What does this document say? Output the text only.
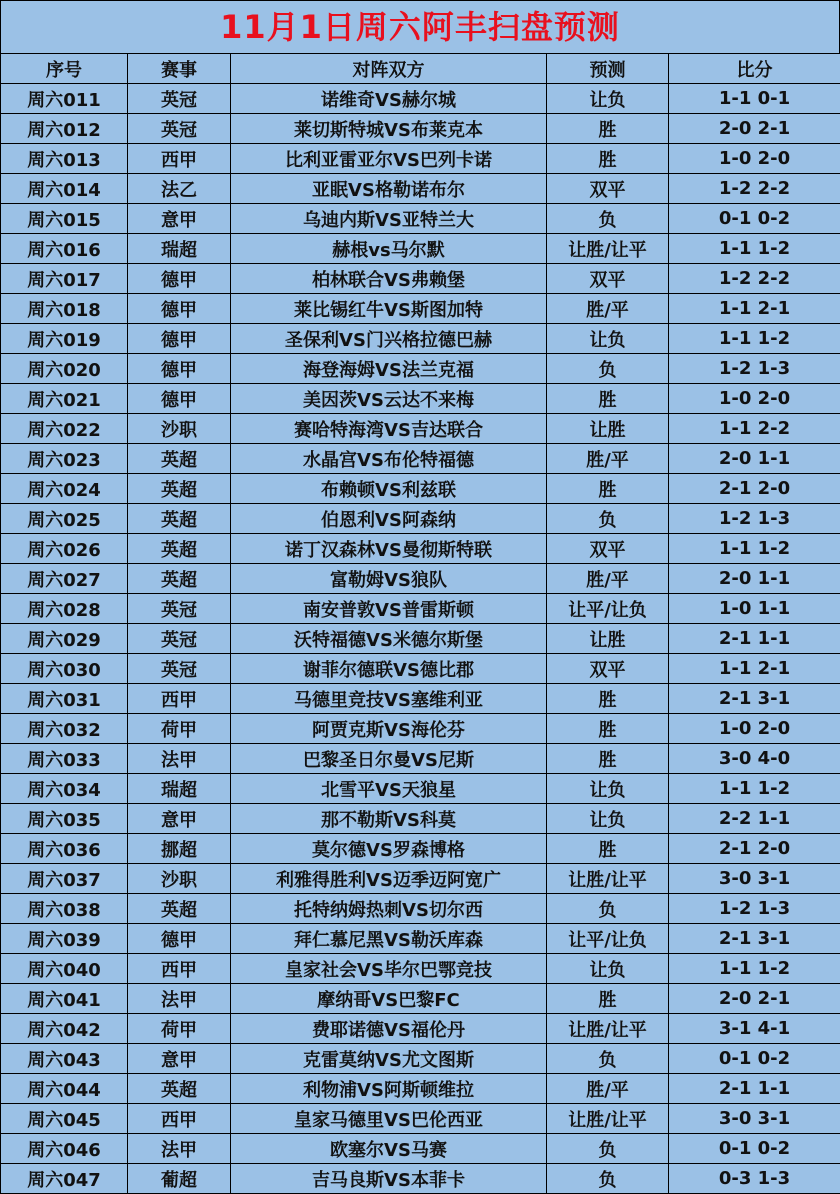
11月1日周六阿丰扫盘预测
序号	赛事	对阵双方	预测	比分
周六011	英冠	诺维奇VS赫尔城	让负	1-1 0-1
周六012	英冠	莱切斯特城VS布莱克本	胜	2-0 2-1
周六013	西甲	比利亚雷亚尔VS巴列卡诺	胜	1-0 2-0
周六014	法乙	亚眠VS格勒诺布尔	双平	1-2 2-2
周六015	意甲	乌迪内斯VS亚特兰大	负	0-1 0-2
周六016	瑞超	赫根vs马尔默	让胜/让平	1-1 1-2
周六017	德甲	柏林联合VS弗赖堡	双平	1-2 2-2
周六018	德甲	莱比锡红牛VS斯图加特	胜/平	1-1 2-1
周六019	德甲	圣保利VS门兴格拉德巴赫	让负	1-1 1-2
周六020	德甲	海登海姆VS法兰克福	负	1-2 1-3
周六021	德甲	美因茨VS云达不来梅	胜	1-0 2-0
周六022	沙职	赛哈特海湾VS吉达联合	让胜	1-1 2-2
周六023	英超	水晶宫VS布伦特福德	胜/平	2-0 1-1
周六024	英超	布赖顿VS利兹联	胜	2-1 2-0
周六025	英超	伯恩利VS阿森纳	负	1-2 1-3
周六026	英超	诺丁汉森林VS曼彻斯特联	双平	1-1 1-2
周六027	英超	富勒姆VS狼队	胜/平	2-0 1-1
周六028	英冠	南安普敦VS普雷斯顿	让平/让负	1-0 1-1
周六029	英冠	沃特福德VS米德尔斯堡	让胜	2-1 1-1
周六030	英冠	谢菲尔德联VS德比郡	双平	1-1 2-1
周六031	西甲	马德里竞技VS塞维利亚	胜	2-1 3-1
周六032	荷甲	阿贾克斯VS海伦芬	胜	1-0 2-0
周六033	法甲	巴黎圣日尔曼VS尼斯	胜	3-0 4-0
周六034	瑞超	北雪平VS天狼星	让负	1-1 1-2
周六035	意甲	那不勒斯VS科莫	让负	2-2 1-1
周六036	挪超	莫尔德VS罗森博格	胜	2-1 2-0
周六037	沙职	利雅得胜利VS迈季迈阿宽广	让胜/让平	3-0 3-1
周六038	英超	托特纳姆热刺VS切尔西	负	1-2 1-3
周六039	德甲	拜仁慕尼黑VS勒沃库森	让平/让负	2-1 3-1
周六040	西甲	皇家社会VS毕尔巴鄂竞技	让负	1-1 1-2
周六041	法甲	摩纳哥VS巴黎FC	胜	2-0 2-1
周六042	荷甲	费耶诺德VS福伦丹	让胜/让平	3-1 4-1
周六043	意甲	克雷莫纳VS尤文图斯	负	0-1 0-2
周六044	英超	利物浦VS阿斯顿维拉	胜/平	2-1 1-1
周六045	西甲	皇家马德里VS巴伦西亚	让胜/让平	3-0 3-1
周六046	法甲	欧塞尔VS马赛	负	0-1 0-2
周六047	葡超	吉马良斯VS本菲卡	负	0-3 1-3
